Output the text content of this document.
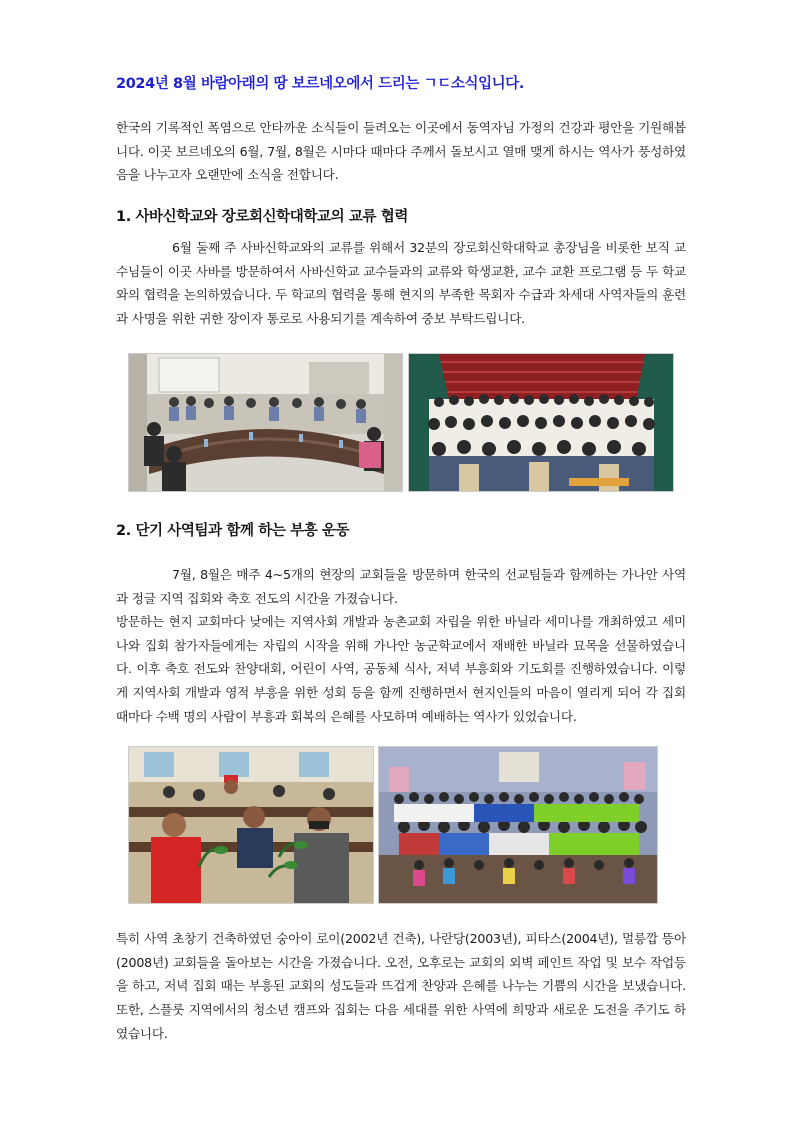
2024년 8월 바람아래의 땅 보르네오에서 드리는 ㄱㄷ소식입니다.

한국의 기록적인 폭염으로 안타까운 소식들이 들려오는 이곳에서 동역자님 가정의 건강과 평안을 기원해봅니다. 이곳 보르네오의 6월, 7월, 8월은 시마다 때마다 주께서 돌보시고 열매 맺게 하시는 역사가 풍성하였음을 나누고자 오랜만에 소식을 전합니다.

1. 사바신학교와 장로회신학대학교의 교류 협력

6월 둘째 주 사바신학교와의 교류를 위해서 32분의 장로회신학대학교 총장님을 비롯한 보직 교수님들이 이곳 사바를 방문하여서 사바신학교 교수들과의 교류와 학생교환, 교수 교환 프로그램 등 두 학교와의 협력을 논의하였습니다. 두 학교의 협력을 통해 현지의 부족한 목회자 수급과 차세대 사역자들의 훈련과 사명을 위한 귀한 장이자 통로로 사용되기를 계속하여 중보 부탁드립니다.

2. 단기 사역팀과 함께 하는 부흥 운동

7월, 8월은 매주 4~5개의 현장의 교회들을 방문하며 한국의 선교팀들과 함께하는 가나안 사역과 정글 지역 집회와 축호 전도의 시간을 가졌습니다.

방문하는 현지 교회마다 낮에는 지역사회 개발과 농촌교회 자립을 위한 바닐라 세미나를 개최하였고 세미나와 집회 참가자들에게는 자립의 시작을 위해 가나안 농군학교에서 재배한 바닐라 묘목을 선물하였습니다. 이후 축호 전도와 찬양대회, 어린이 사역, 공동체 식사, 저녁 부흥회와 기도회를 진행하였습니다. 이렇게 지역사회 개발과 영적 부흥을 위한 성회 등을 함께 진행하면서 현지인들의 마음이 열리게 되어 각 집회 때마다 수백 명의 사람이 부흥과 회복의 은혜를 사모하며 예배하는 역사가 있었습니다.

특히 사역 초창기 건축하였던 숭아이 로이(2002년 건축), 나란당(2003년), 피타스(2004년), 멀릉깝 뜽아(2008년) 교회들을 돌아보는 시간을 가졌습니다. 오전, 오후로는 교회의 외벽 페인트 작업 및 보수 작업등을 하고, 저녁 집회 때는 부흥된 교회의 성도들과 뜨겁게 찬양과 은혜를 나누는 기쁨의 시간을 보냈습니다. 또한, 스플룻 지역에서의 청소년 캠프와 집회는 다음 세대를 위한 사역에 희망과 새로운 도전을 주기도 하였습니다.
